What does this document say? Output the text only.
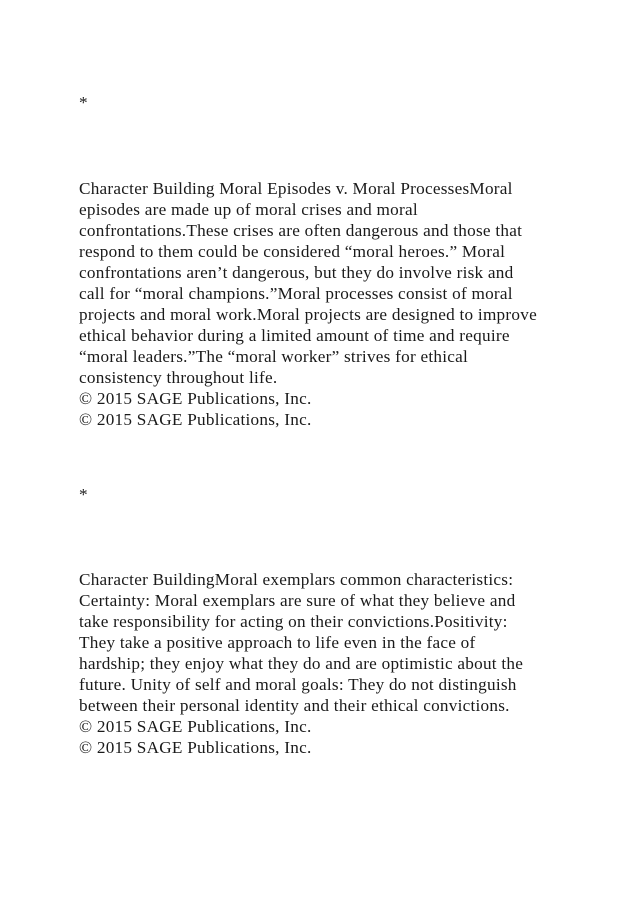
*
Character Building Moral Episodes v. Moral ProcessesMoral
episodes are made up of moral crises and moral
confrontations.These crises are often dangerous and those that
respond to them could be considered “moral heroes.” Moral
confrontations aren’t dangerous, but they do involve risk and
call for “moral champions.”Moral processes consist of moral
projects and moral work.Moral projects are designed to improve
ethical behavior during a limited amount of time and require
“moral leaders.”The “moral worker” strives for ethical
consistency throughout life.
© 2015 SAGE Publications, Inc.
© 2015 SAGE Publications, Inc.
*
Character BuildingMoral exemplars common characteristics:
Certainty: Moral exemplars are sure of what they believe and
take responsibility for acting on their convictions.Positivity:
They take a positive approach to life even in the face of
hardship; they enjoy what they do and are optimistic about the
future. Unity of self and moral goals: They do not distinguish
between their personal identity and their ethical convictions.
© 2015 SAGE Publications, Inc.
© 2015 SAGE Publications, Inc.
